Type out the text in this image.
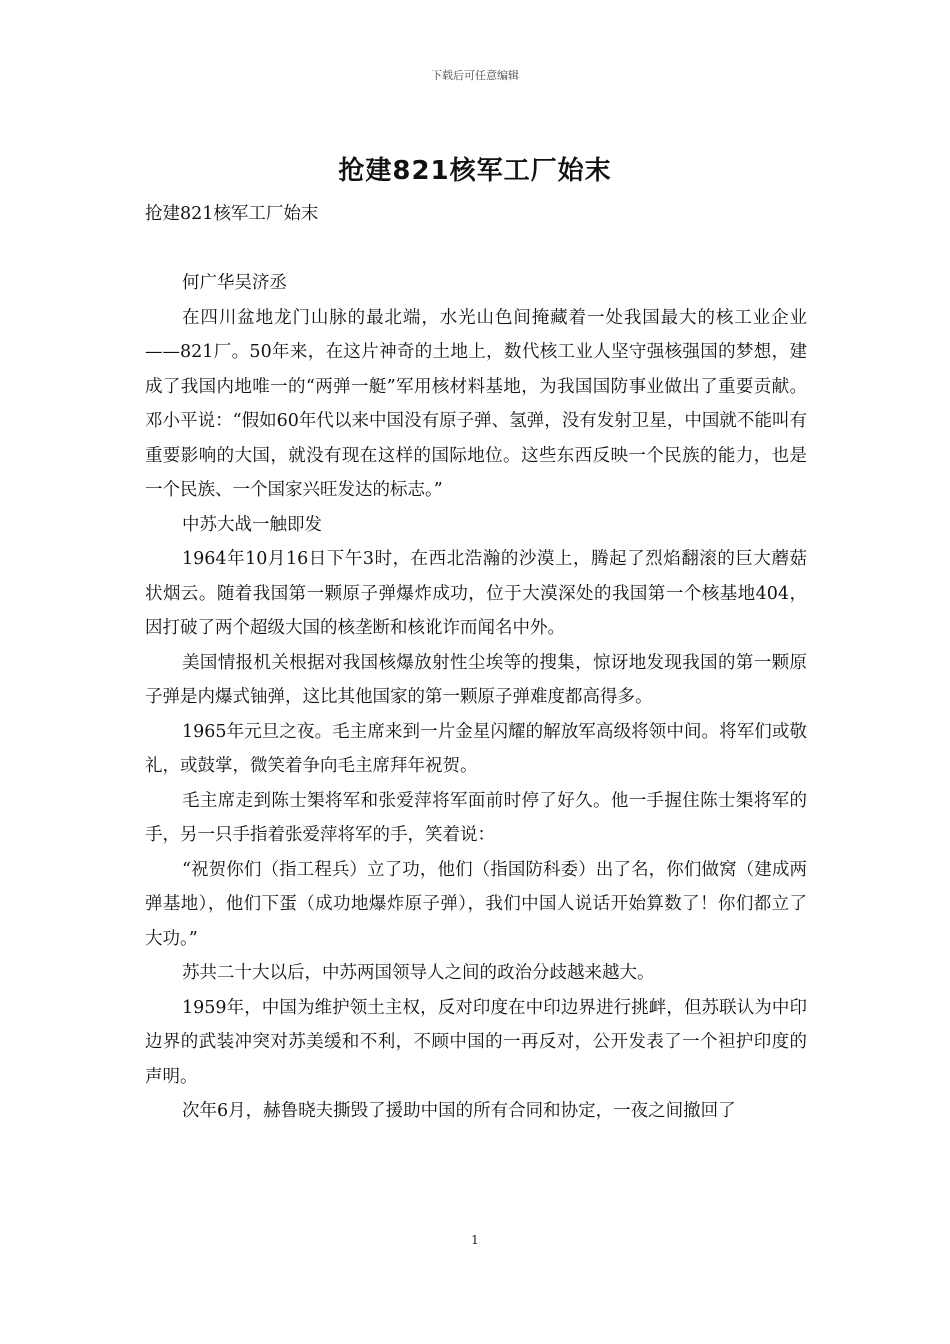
下载后可任意编辑
抢建821核军工厂始末

抢建821核军工厂始末

何广华吴济丞

在四川盆地龙门山脉的最北端，水光山色间掩藏着一处我国最大的核工业企业——821厂。50年来，在这片神奇的土地上，数代核工业人坚守强核强国的梦想，建成了我国内地唯一的“两弹一艇”军用核材料基地，为我国国防事业做出了重要贡献。邓小平说：“假如60年代以来中国没有原子弹、氢弹，没有发射卫星，中国就不能叫有重要影响的大国，就没有现在这样的国际地位。这些东西反映一个民族的能力，也是一个民族、一个国家兴旺发达的标志。”

中苏大战一触即发

1964年10月16日下午3时，在西北浩瀚的沙漠上，腾起了烈焰翻滚的巨大蘑菇状烟云。随着我国第一颗原子弹爆炸成功，位于大漠深处的我国第一个核基地404，因打破了两个超级大国的核垄断和核讹诈而闻名中外。

美国情报机关根据对我国核爆放射性尘埃等的搜集，惊讶地发现我国的第一颗原子弹是内爆式铀弹，这比其他国家的第一颗原子弹难度都高得多。

1965年元旦之夜。毛主席来到一片金星闪耀的解放军高级将领中间。将军们或敬礼，或鼓掌，微笑着争向毛主席拜年祝贺。

毛主席走到陈士榘将军和张爱萍将军面前时停了好久。他一手握住陈士榘将军的手，另一只手指着张爱萍将军的手，笑着说：

“祝贺你们（指工程兵）立了功，他们（指国防科委）出了名，你们做窝（建成两弹基地），他们下蛋（成功地爆炸原子弹），我们中国人说话开始算数了！你们都立了大功。”

苏共二十大以后，中苏两国领导人之间的政治分歧越来越大。

1959年，中国为维护领土主权，反对印度在中印边界进行挑衅，但苏联认为中印边界的武装冲突对苏美缓和不利，不顾中国的一再反对，公开发表了一个袒护印度的声明。

次年6月，赫鲁晓夫撕毁了援助中国的所有合同和协定，一夜之间撤回了

1
